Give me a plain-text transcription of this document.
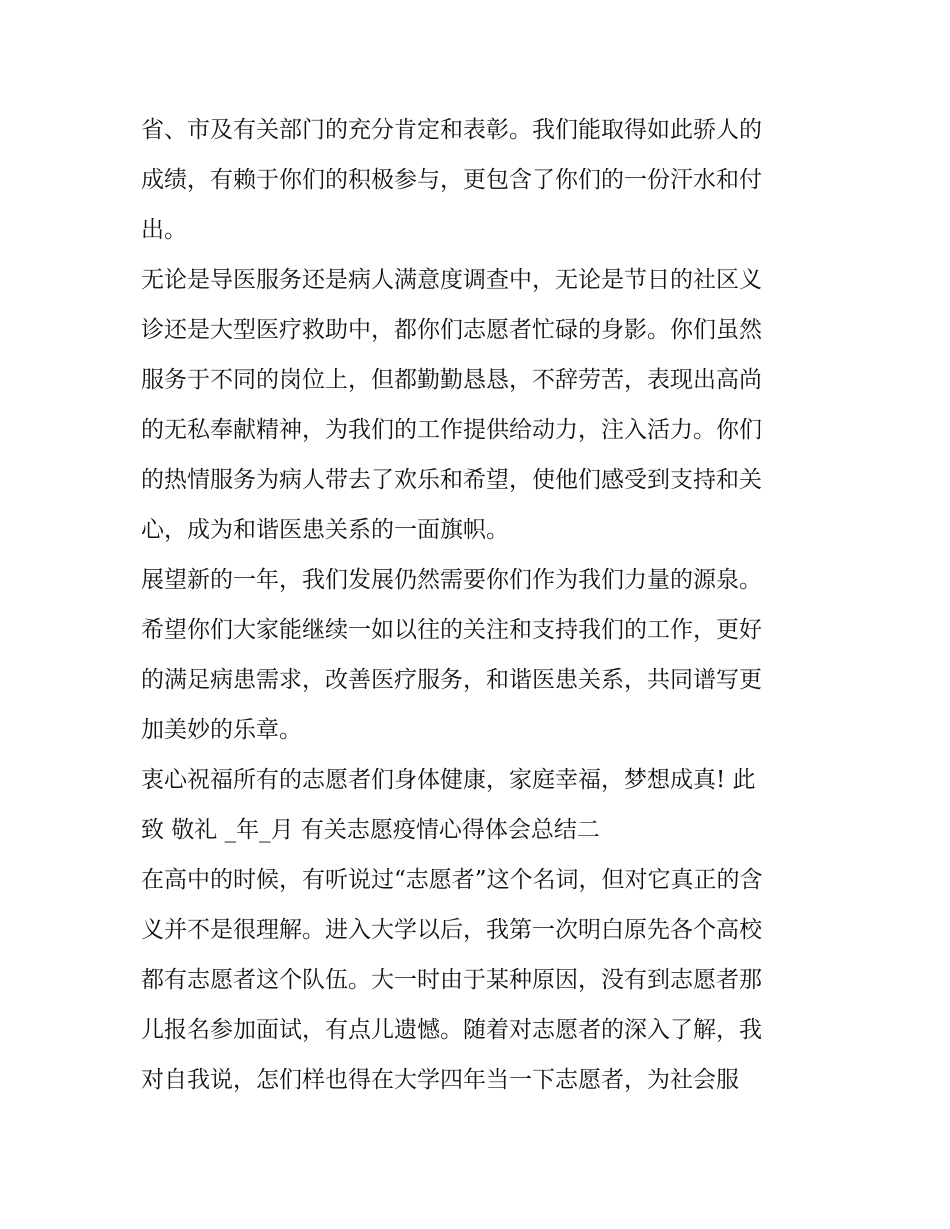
省、市及有关部门的充分肯定和表彰。我们能取得如此骄人的
成绩，有赖于你们的积极参与，更包含了你们的一份汗水和付
出。
无论是导医服务还是病人满意度调查中，无论是节日的社区义
诊还是大型医疗救助中，都你们志愿者忙碌的身影。你们虽然
服务于不同的岗位上，但都勤勤恳恳，不辞劳苦，表现出高尚
的无私奉献精神，为我们的工作提供给动力，注入活力。你们
的热情服务为病人带去了欢乐和希望，使他们感受到支持和关
心，成为和谐医患关系的一面旗帜。
展望新的一年，我们发展仍然需要你们作为我们力量的源泉。
希望你们大家能继续一如以往的关注和支持我们的工作，更好
的满足病患需求，改善医疗服务，和谐医患关系，共同谱写更
加美妙的乐章。
衷心祝福所有的志愿者们身体健康，家庭幸福，梦想成真! 此
致 敬礼 _年_月 有关志愿疫情心得体会总结二
在高中的时候，有听说过“志愿者”这个名词，但对它真正的含
义并不是很理解。进入大学以后，我第一次明白原先各个高校
都有志愿者这个队伍。大一时由于某种原因，没有到志愿者那
儿报名参加面试，有点儿遗憾。随着对志愿者的深入了解，我
对自我说，怎们样也得在大学四年当一下志愿者，为社会服
